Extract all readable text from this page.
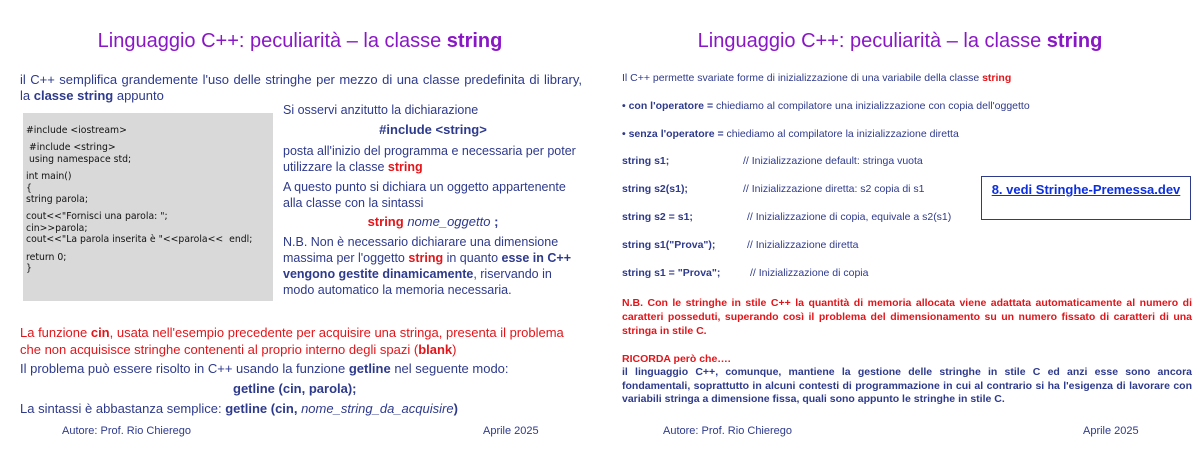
Linguaggio C++: peculiarità – la classe string
il C++ semplifica grandemente l'uso delle stringhe per mezzo di una classe predefinita di library, la classe string appunto
#include <iostream>
#include <string>
using namespace std;
int main()
{
string parola;
cout<<"Fornisci una parola: ";
cin>>parola;
cout<<"La parola inserita è "<<parola<<  endl;
return 0;
}
Si osservi anzitutto la dichiarazione
#include <string>
posta all'inizio del programma e necessaria per poter utilizzare la classe string
A questo punto si dichiara un oggetto appartenente alla classe con la sintassi
string nome_oggetto ;
N.B. Non è necessario dichiarare una dimensione massima per l'oggetto string in quanto esse in C++ vengono gestite dinamicamente, riservando in modo automatico la memoria necessaria.
La funzione cin, usata nell'esempio precedente per acquisire una stringa, presenta il problema che non acquisisce stringhe contenenti al proprio interno degli spazi (blank)
Il problema può essere risolto in C++ usando la funzione getline nel seguente modo:
getline (cin, parola);
La sintassi è abbastanza semplice: getline (cin, nome_string_da_acquisire)
Autore: Prof. Rio Chierego	Aprile 2025
Linguaggio C++: peculiarità – la classe string
Il C++ permette svariate forme di inizializzazione di una variabile della classe string
• con l'operatore = chiediamo al compilatore una inizializzazione con copia dell'oggetto
• senza l'operatore = chiediamo al compilatore la inizializzazione diretta
string s1;	// Inizializzazione default: stringa vuota
string s2(s1);	// Inizializzazione diretta: s2 copia di s1
string s2 = s1;	// Inizializzazione di copia, equivale a s2(s1)
string s1("Prova");	// Inizializzazione diretta
string s1 = "Prova";	// Inizializzazione di copia
8. vedi Stringhe-Premessa.dev
N.B. Con le stringhe in stile C++ la quantità di memoria allocata viene adattata automaticamente al numero di caratteri posseduti, superando così il problema del dimensionamento su un numero fissato di caratteri di una stringa in stile C.
RICORDA però che….
il linguaggio C++, comunque, mantiene la gestione delle stringhe in stile C ed anzi esse sono ancora fondamentali, soprattutto in alcuni contesti di programmazione in cui al contrario si ha l'esigenza di lavorare con variabili stringa a dimensione fissa, quali sono appunto le stringhe in stile C.
Autore: Prof. Rio Chierego	Aprile 2025
